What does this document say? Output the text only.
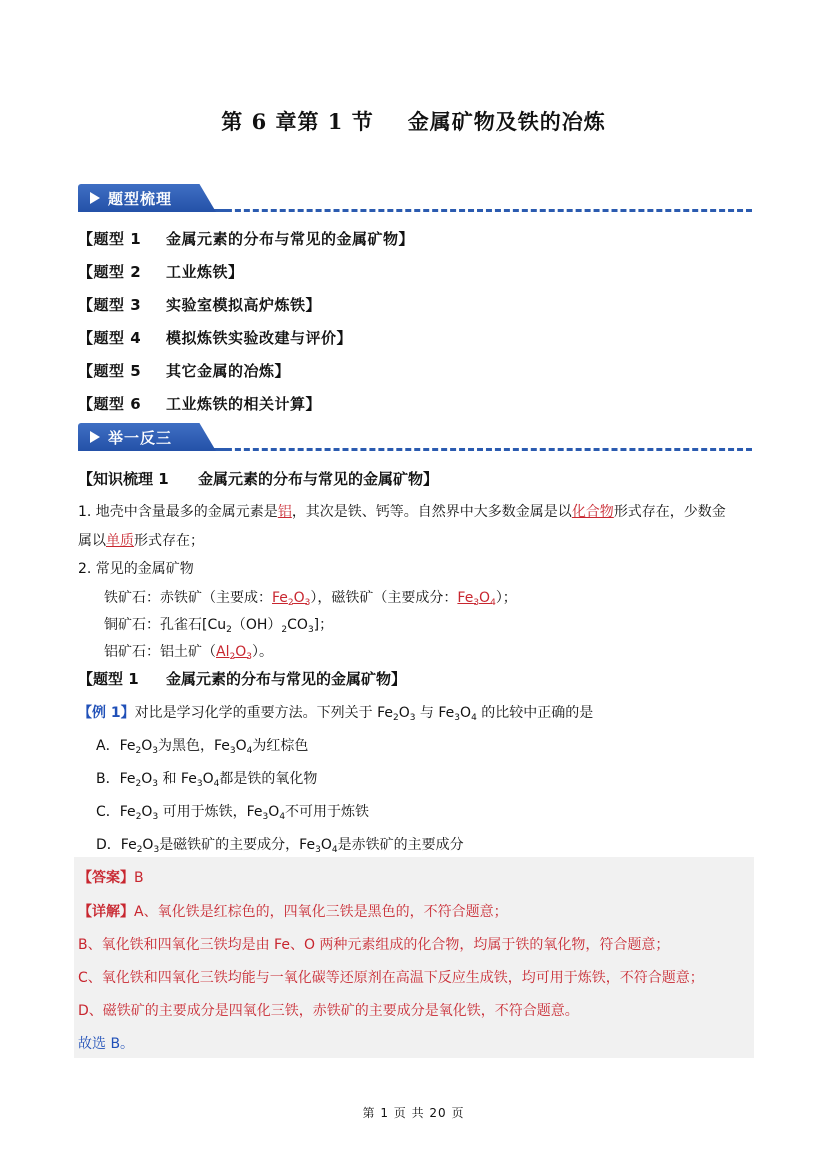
第 6 章第 1 节 金属矿物及铁的冶炼
题型梳理
【题型 1 金属元素的分布与常见的金属矿物】
【题型 2 工业炼铁】
【题型 3 实验室模拟高炉炼铁】
【题型 4 模拟炼铁实验改建与评价】
【题型 5 其它金属的冶炼】
【题型 6 工业炼铁的相关计算】
举一反三
【知识梳理 1 金属元素的分布与常见的金属矿物】
1. 地壳中含量最多的金属元素是铝，其次是铁、钙等。自然界中大多数金属是以化合物形式存在，少数金
属以单质形式存在；
2. 常见的金属矿物
铁矿石：赤铁矿（主要成：$Fe_2O_3$），磁铁矿（主要成分：$Fe_3O_4$）；
铜矿石：孔雀石$[Cu_2(OH)_2CO_3]$；
铝矿石：铝土矿$(Al_2O_3)$。
【题型 1 金属元素的分布与常见的金属矿物】
【例 1】对比是学习化学的重要方法。下列关于 $Fe_2O_3$ 与 $Fe_3O_4$ 的比较中正确的是
A．$Fe_2O_3$为黑色，$Fe_3O_4$为红棕色
B．$Fe_2O_3$ 和 $Fe_3O_4$都是铁的氧化物
C．$Fe_2O_3$ 可用于炼铁，$Fe_3O_4$不可用于炼铁
D．$Fe_2O_3$是磁铁矿的主要成分，$Fe_3O_4$是赤铁矿的主要成分
【答案】B
【详解】A、氧化铁是红棕色的，四氧化三铁是黑色的，不符合题意；
B、氧化铁和四氧化三铁均是由 Fe、O 两种元素组成的化合物，均属于铁的氧化物，符合题意；
C、氧化铁和四氧化三铁均能与一氧化碳等还原剂在高温下反应生成铁，均可用于炼铁，不符合题意；
D、磁铁矿的主要成分是四氧化三铁，赤铁矿的主要成分是氧化铁，不符合题意。
故选 B。
第 1 页 共 20 页
